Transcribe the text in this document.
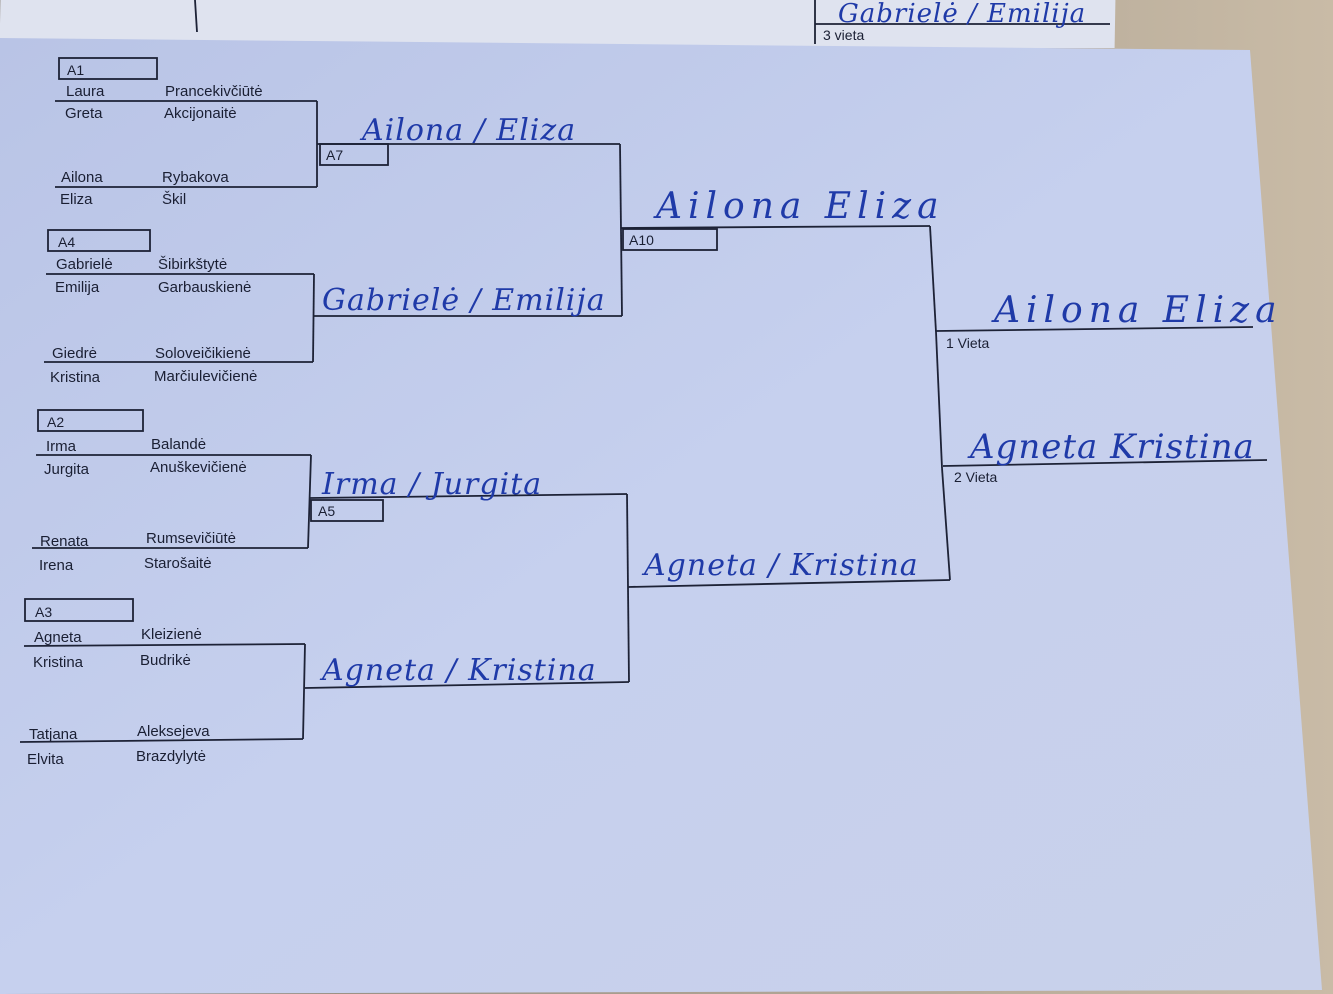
3 vieta
Gabrielė / Emilija
A1
Laura	Prancekivčiūtė
Greta	Akcijonaitė
Ailona	Rybakova
Eliza	Škil
A7
Ailona / Eliza
A4
Gabrielė	Šibirkštytė
Emilija	Garbauskienė
Giedrė	Soloveičikienė
Kristina	Marčiulevičienė
Gabrielė / Emilija
A10
Ailona Eliza
A2
Irma	Balandė
Jurgita	Anuškevičienė
Renata	Rumsevičiūtė
Irena	Starošaitė
A5
Irma / Jurgita
A3
Agneta	Kleizienė
Kristina	Budrikė
Tatjana	Aleksejeva
Elvita	Brazdylytė
Agneta / Kristina
Agneta / Kristina
1 Vieta
2 Vieta
Ailona Eliza
Agneta Kristina
